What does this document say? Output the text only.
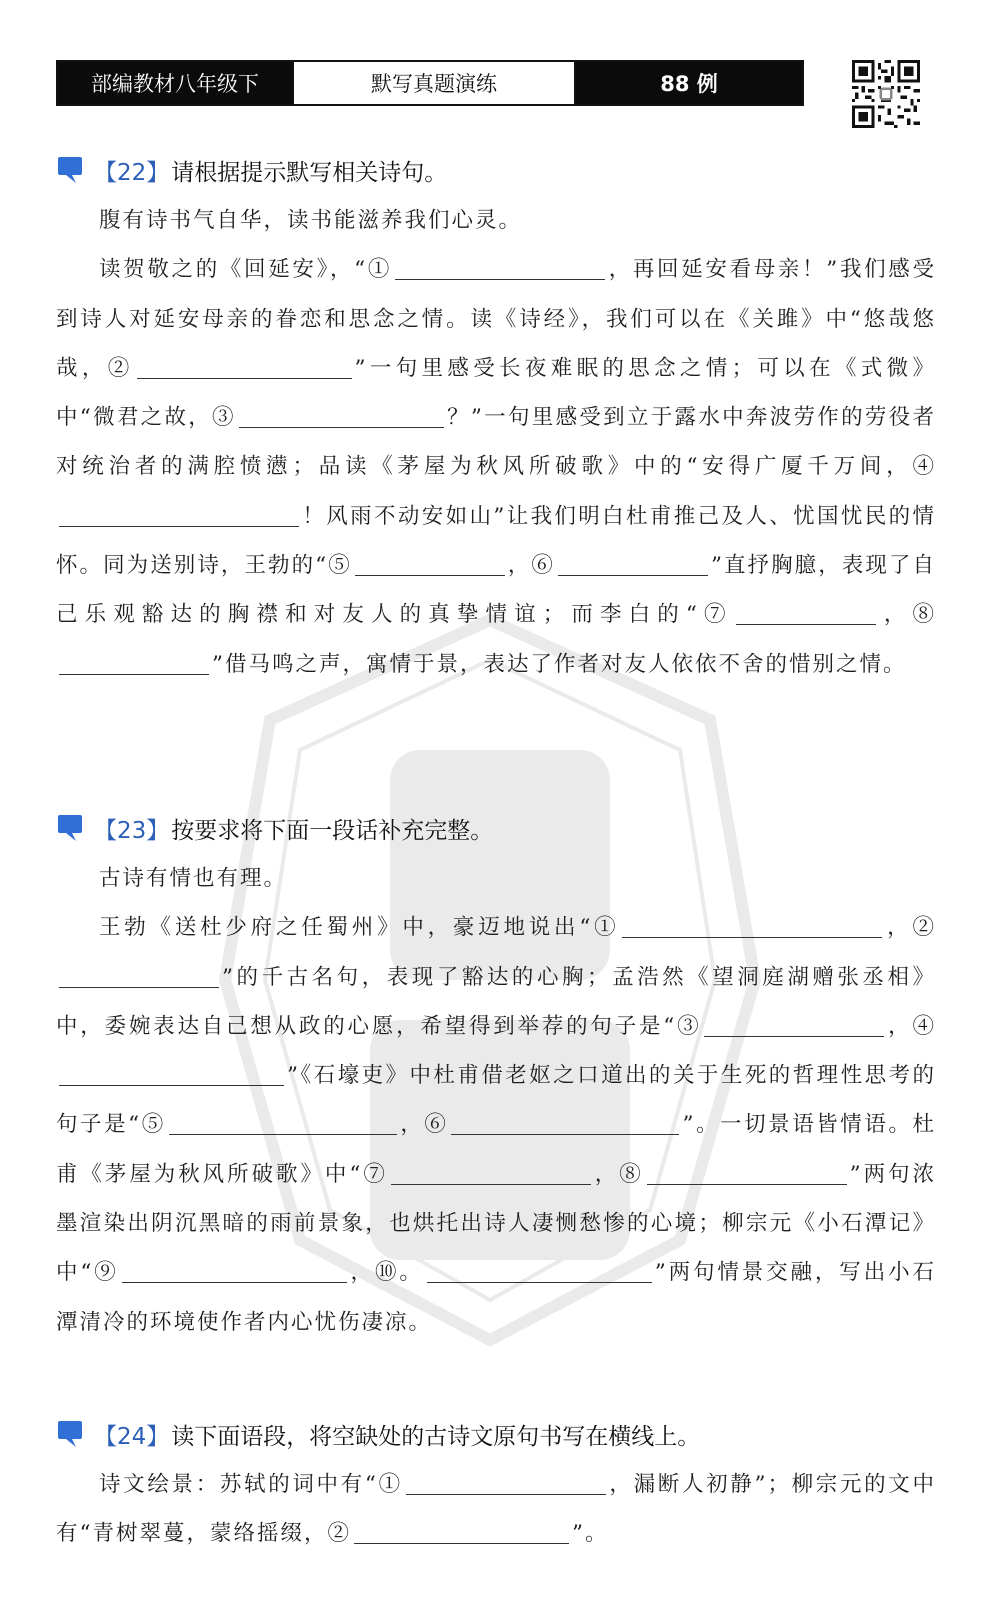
部编教材八年级下	默写真题演练	88 例
【22】 请根据提示默写相关诗句。

腹有诗书气自华，读书能滋养我们心灵。

读贺敬之的《回延安》，“①	，再回延安看母亲！”我们感受到诗人对延安母亲的眷恋和思念之情。读《诗经》，我们可以在《关雎》中“悠哉悠哉，②	”一句里感受长夜难眠的思念之情；可以在《式微》中“微君之故，③	？”一句里感受到立于露水中奔波劳作的劳役者对统治者的满腔愤懑；品读《茅屋为秋风所破歌》中的“安得广厦千万间，④！风雨不动安如山”让我们明白杜甫推己及人、忧国忧民的情怀。同为送别诗，王勃的“⑤	，⑥	”直抒胸臆，表现了自己乐观豁达的胸襟和对友人的真挚情谊；而李白的“⑦	，⑧”借马鸣之声，寓情于景，表达了作者对友人依依不舍的惜别之情。

【23】 按要求将下面一段话补充完整。

古诗有情也有理。

王勃《送杜少府之任蜀州》中，豪迈地说出“①	，②”的千古名句，表现了豁达的心胸；孟浩然《望洞庭湖赠张丞相》中，委婉表达自己想从政的心愿，希望得到举荐的句子是“③	，④”《石壕吏》中杜甫借老妪之口道出的关于生死的哲理性思考的句子是“⑤	，⑥	”。一切景语皆情语。杜甫《茅屋为秋风所破歌》中“⑦	，⑧	”两句浓墨渲染出阴沉黑暗的雨前景象，也烘托出诗人凄恻愁惨的心境；柳宗元《小石潭记》中“⑨	，⑩。	”两句情景交融，写出小石潭清冷的环境使作者内心忧伤凄凉。

【24】 读下面语段，将空缺处的古诗文原句书写在横线上。

诗文绘景：苏轼的词中有“①	，漏断人初静”；柳宗元的文中有“青树翠蔓，蒙络摇缀，②	”。
